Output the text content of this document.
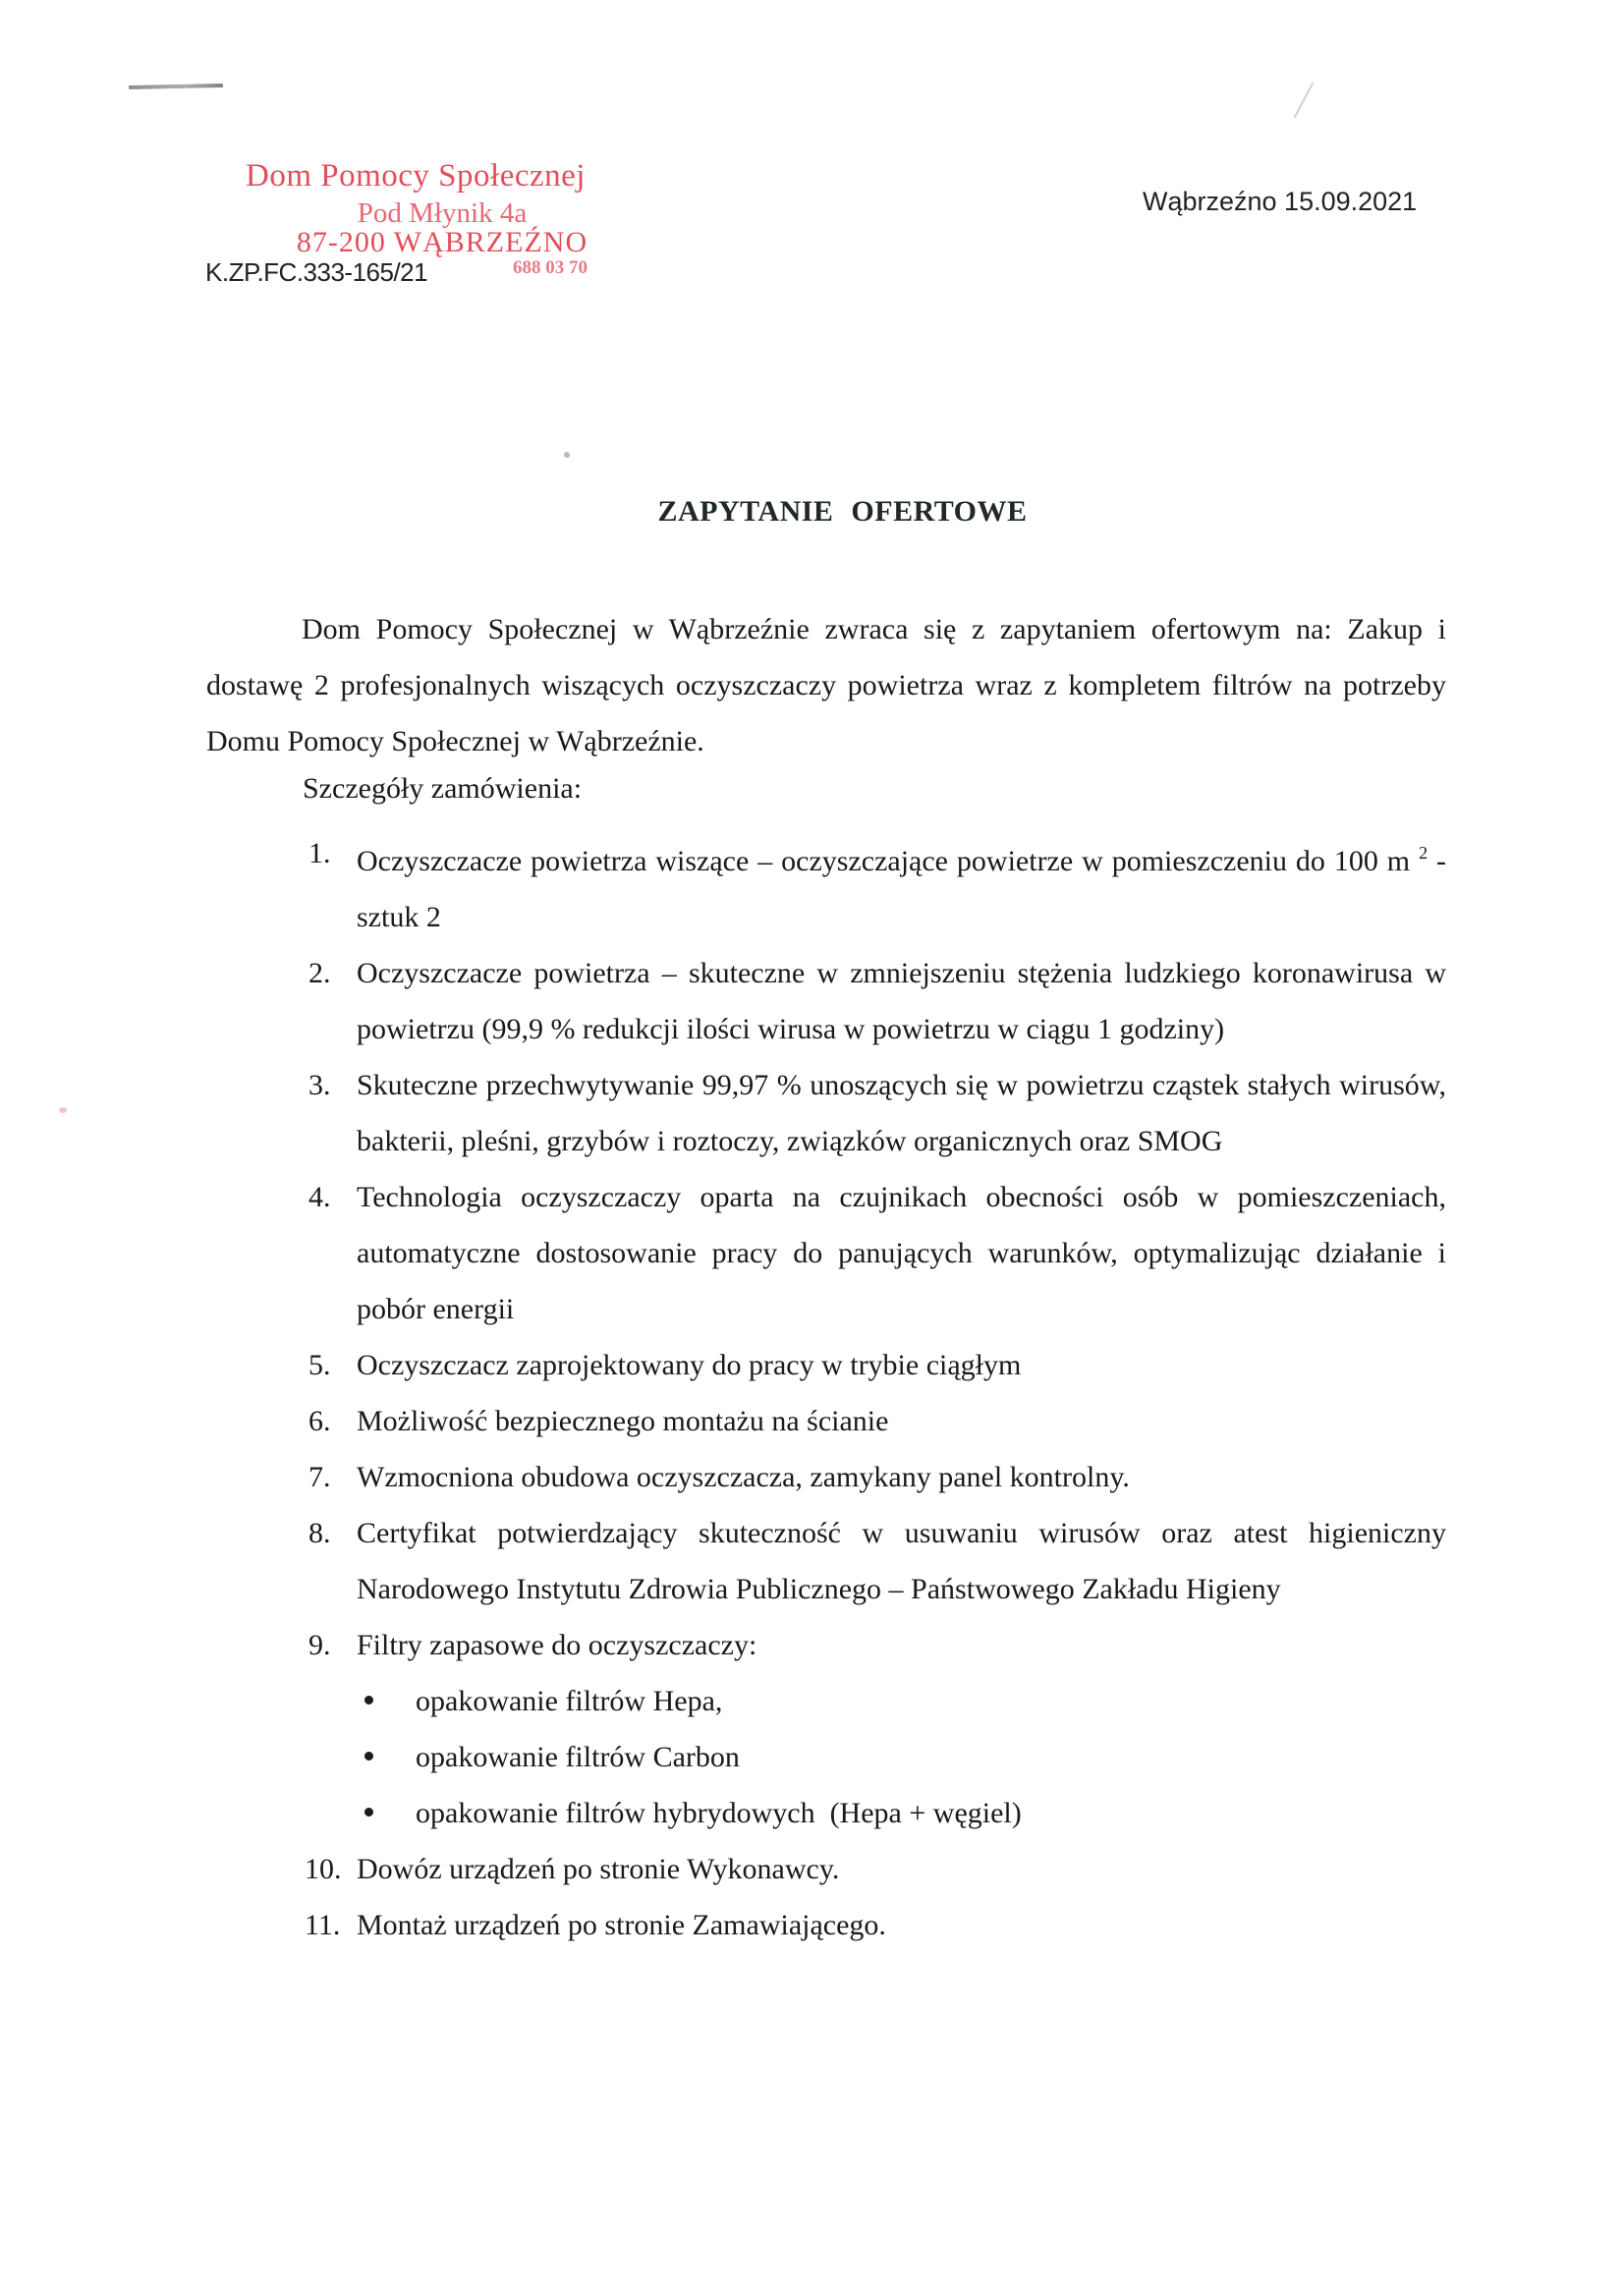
Dom Pomocy Społecznej
Pod Młynik 4a
87-200 WĄBRZEŹNO
688 03 70
K.ZP.FC.333-165/21
Wąbrzeźno 15.09.2021
ZAPYTANIE OFERTOWE

Dom Pomocy Społecznej w Wąbrzeźnie zwraca się z zapytaniem ofertowym na: Zakup i dostawę 2 profesjonalnych wiszących oczyszczaczy powietrza wraz z kompletem filtrów na potrzeby Domu Pomocy Społecznej w Wąbrzeźnie.

Szczegóły zamówienia:
1. Oczyszczacze powietrza wiszące – oczyszczające powietrze w pomieszczeniu do 100 m $^2$ - sztuk 2
2. Oczyszczacze powietrza – skuteczne w zmniejszeniu stężenia ludzkiego koronawirusa w powietrzu (99,9 % redukcji ilości wirusa w powietrzu w ciągu 1 godziny)
3. Skuteczne przechwytywanie 99,97 % unoszących się w powietrzu cząstek stałych wirusów, bakterii, pleśni, grzybów i roztoczy, związków organicznych oraz SMOG
4. Technologia oczyszczaczy oparta na czujnikach obecności osób w pomieszczeniach, automatyczne dostosowanie pracy do panujących warunków, optymalizując działanie i pobór energii
5. Oczyszczacz zaprojektowany do pracy w trybie ciągłym
6. Możliwość bezpiecznego montażu na ścianie
7. Wzmocniona obudowa oczyszczacza, zamykany panel kontrolny.
8. Certyfikat potwierdzający skuteczność w usuwaniu wirusów oraz atest higieniczny Narodowego Instytutu Zdrowia Publicznego – Państwowego Zakładu Higieny
9. Filtry zapasowe do oczyszczaczy:
opakowanie filtrów Hepa,
opakowanie filtrów Carbon
opakowanie filtrów hybrydowych  (Hepa + węgiel)
10. Dowóz urządzeń po stronie Wykonawcy.
11. Montaż urządzeń po stronie Zamawiającego.
